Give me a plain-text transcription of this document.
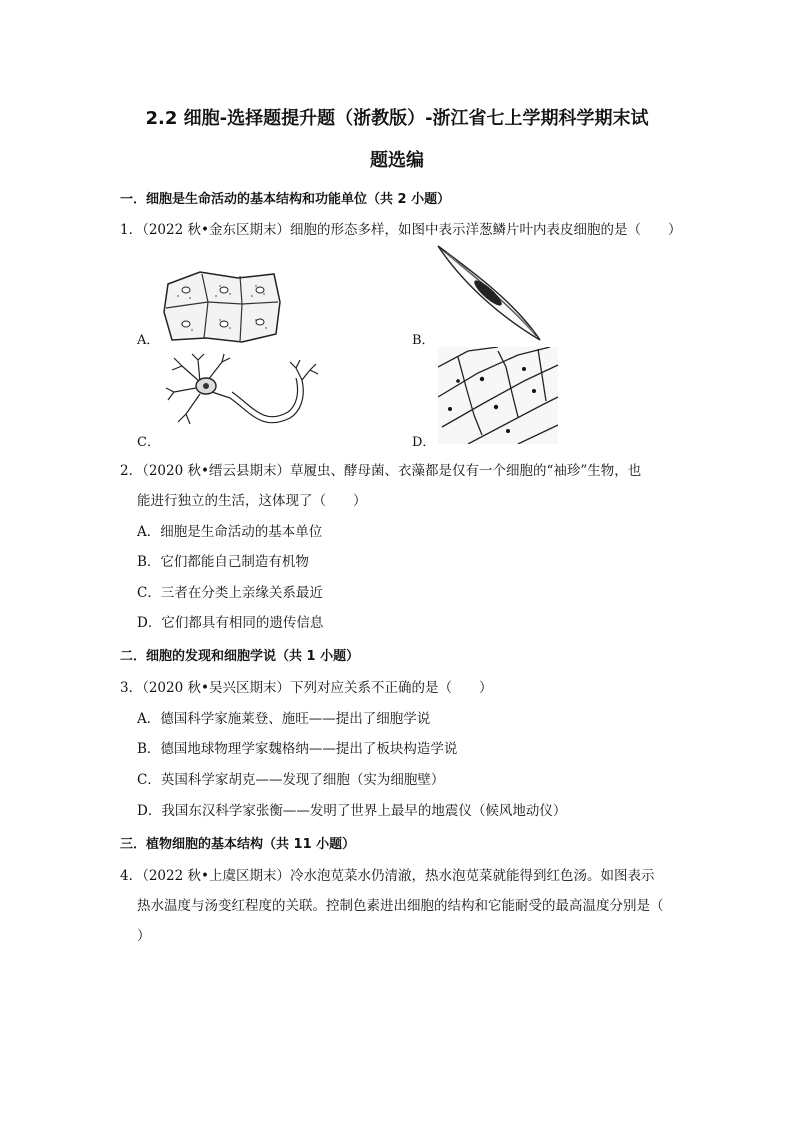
2.2 细胞-选择题提升题（浙教版）-浙江省七上学期科学期末试
题选编
一．细胞是生命活动的基本结构和功能单位（共 2 小题）
1．（2022 秋•金东区期末）细胞的形态多样，如图中表示洋葱鳞片叶内表皮细胞的是（　　）
A．	B．
C．	D．
2．（2020 秋•缙云县期末）草履虫、酵母菌、衣藻都是仅有一个细胞的“袖珍”生物，也
能进行独立的生活，这体现了（　　）
A．细胞是生命活动的基本单位
B．它们都能自己制造有机物
C．三者在分类上亲缘关系最近
D．它们都具有相同的遗传信息
二．细胞的发现和细胞学说（共 1 小题）
3．（2020 秋•吴兴区期末）下列对应关系不正确的是（　　）
A．德国科学家施莱登、施旺——提出了细胞学说
B．德国地球物理学家魏格纳——提出了板块构造学说
C．英国科学家胡克——发现了细胞（实为细胞壁）
D．我国东汉科学家张衡——发明了世界上最早的地震仪（候风地动仪）
三．植物细胞的基本结构（共 11 小题）
4．（2022 秋•上虞区期末）冷水泡苋菜水仍清澈，热水泡苋菜就能得到红色汤。如图表示
热水温度与汤变红程度的关联。控制色素进出细胞的结构和它能耐受的最高温度分别是（
）
